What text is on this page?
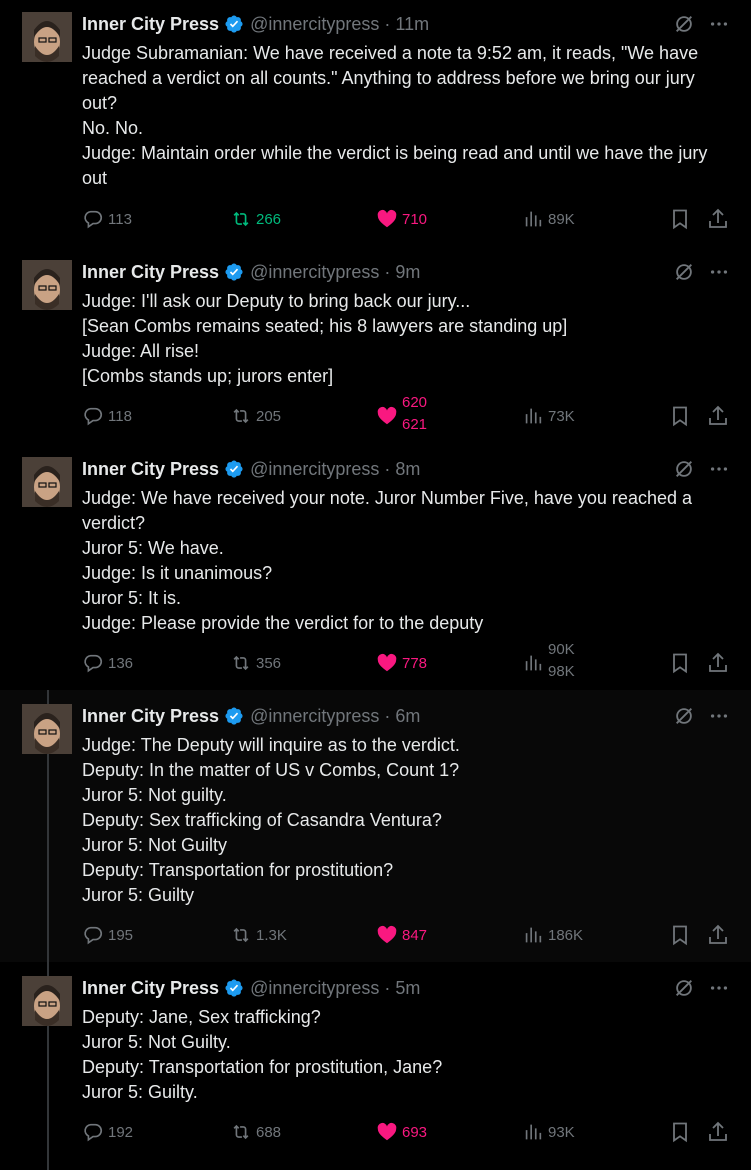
Inner City Press @innercitypress · 11m
Judge Subramanian: We have received a note ta 9:52 am, it reads, "We have reached a verdict on all counts." Anything to address before we bring our jury out?
No. No.
Judge: Maintain order while the verdict is being read and until we have the jury out
113	266	710	89K
Inner City Press @innercitypress · 9m
Judge: I'll ask our Deputy to bring back our jury...
[Sean Combs remains seated; his 8 lawyers are standing up]
Judge: All rise!
[Combs stands up; jurors enter]
118	205
620
621	73K
Inner City Press @innercitypress · 8m
Judge: We have received your note. Juror Number Five, have you reached a verdict?
Juror 5: We have.
Judge: Is it unanimous?
Juror 5: It is.
Judge: Please provide the verdict for to the deputy
136	356	778
90K
98K
Inner City Press @innercitypress · 6m
Judge: The Deputy will inquire as to the verdict.
Deputy: In the matter of US v Combs, Count 1?
Juror 5: Not guilty.
Deputy: Sex trafficking of Casandra Ventura?
Juror 5: Not Guilty
Deputy: Transportation for prostitution?
Juror 5: Guilty
195	1.3K	847	186K
Inner City Press @innercitypress · 5m
Deputy: Jane, Sex trafficking?
Juror 5: Not Guilty.
Deputy: Transportation for prostitution, Jane?
Juror 5: Guilty.
192	688	693	93K
